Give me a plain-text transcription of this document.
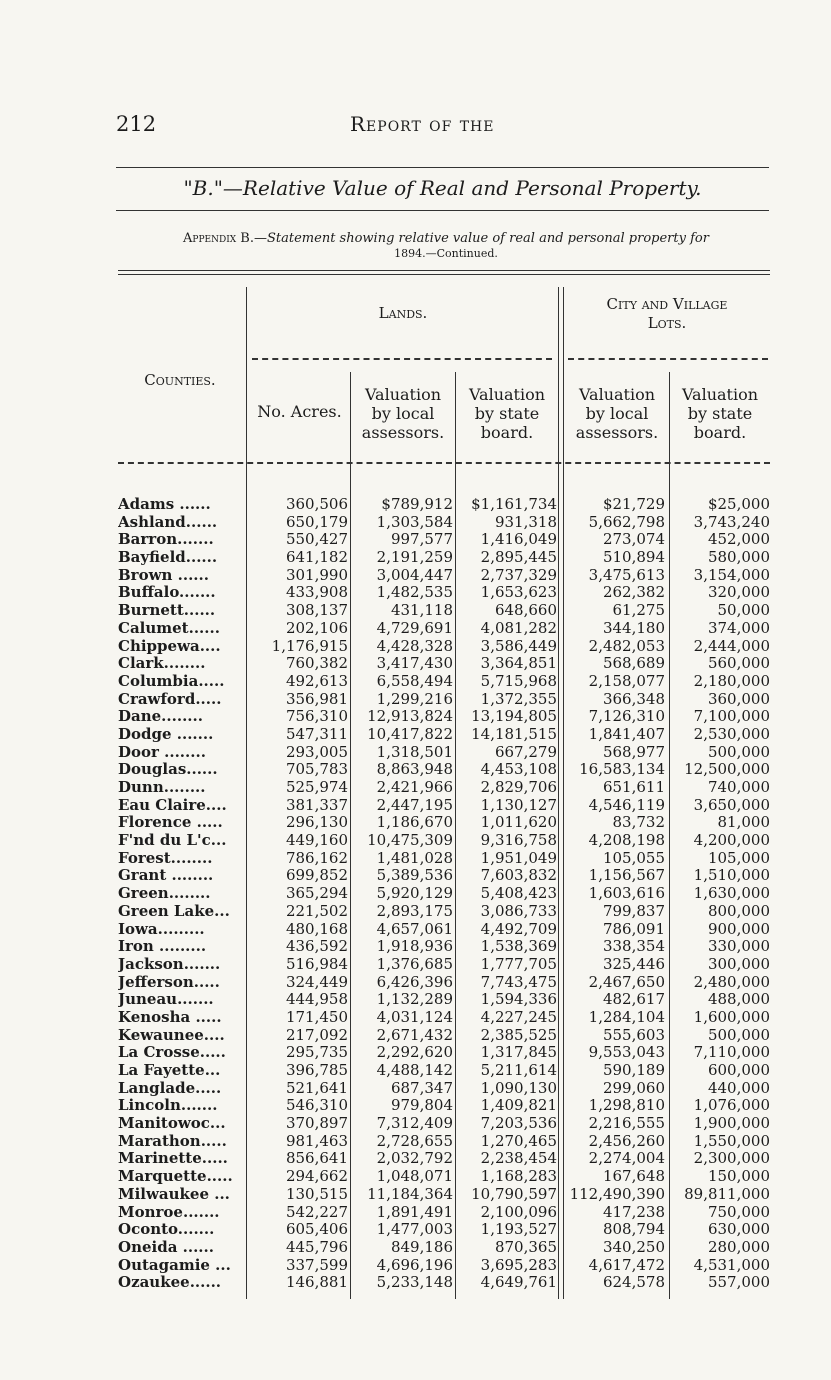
212	Report of the
"B."—Relative Value of Real and Personal Property.
Appendix B.—Statement showing relative value of real and personal property for
1894.—Continued.
Lands.	City and Village
Lots.
Counties.
No. Acres.
Valuation by local assessors.
Valuation by state board.
Valuation by local assessors.
Valuation by state board.
Adams ......	360,506 $789,912 $1,161,734	$21,729	$25,000
Ashland......	650,179 1,303,584	931,318 5,662,798 3,743,240
Barron.......	550,427	997,577 1,416,049	273,074	452,000
Bayfield......	641,182 2,191,259 2,895,445	510,894	580,000
Brown ......	301,990 3,004,447 2,737,329 3,475,613 3,154,000
Buffalo.......	433,908 1,482,535 1,653,623	262,382	320,000
Burnett......	308,137	431,118	648,660	61,275	50,000
Calumet......	202,106 4,729,691 4,081,282	344,180	374,000
Chippewa....	1,176,915 4,428,328 3,586,449 2,482,053 2,444,000
Clark........	760,382 3,417,430 3,364,851	568,689	560,000
Columbia.....	492,613 6,558,494 5,715,968 2,158,077 2,180,000
Crawford.....	356,981 1,299,216 1,372,355	366,348	360,000
Dane........	756,310 12,913,824 13,194,805 7,126,310 7,100,000
Dodge .......	547,311 10,417,822 14,181,515 1,841,407 2,530,000
Door ........	293,005 1,318,501	667,279	568,977	500,000
Douglas......	705,783 8,863,948 4,453,108 16,583,134 12,500,000
Dunn........	525,974 2,421,966 2,829,706	651,611	740,000
Eau Claire....	381,337 2,447,195 1,130,127 4,546,119 3,650,000
Florence .....	296,130 1,186,670 1,011,620	83,732	81,000
F'nd du L'c...	449,160 10,475,309 9,316,758 4,208,198 4,200,000
Forest........	786,162 1,481,028 1,951,049	105,055	105,000
Grant ........	699,852 5,389,536 7,603,832 1,156,567 1,510,000
Green........	365,294 5,920,129 5,408,423 1,603,616 1,630,000
Green Lake...	221,502 2,893,175 3,086,733	799,837	800,000
Iowa.........	480,168 4,657,061 4,492,709	786,091	900,000
Iron .........	436,592 1,918,936 1,538,369	338,354	330,000
Jackson.......	516,984 1,376,685 1,777,705	325,446	300,000
Jefferson.....	324,449 6,426,396 7,743,475 2,467,650 2,480,000
Juneau.......	444,958 1,132,289 1,594,336	482,617	488,000
Kenosha .....	171,450 4,031,124 4,227,245 1,284,104 1,600,000
Kewaunee....	217,092 2,671,432 2,385,525	555,603	500,000
La Crosse.....	295,735 2,292,620 1,317,845 9,553,043 7,110,000
La Fayette...	396,785 4,488,142 5,211,614	590,189	600,000
Langlade.....	521,641	687,347 1,090,130	299,060	440,000
Lincoln.......	546,310	979,804 1,409,821 1,298,810 1,076,000
Manitowoc...	370,897 7,312,409 7,203,536 2,216,555 1,900,000
Marathon.....	981,463 2,728,655 1,270,465 2,456,260 1,550,000
Marinette.....	856,641 2,032,792 2,238,454 2,274,004 2,300,000
Marquette.....	294,662 1,048,071 1,168,283	167,648	150,000
Milwaukee ...	130,515 11,184,364 10,790,597 112,490,390 89,811,000
Monroe.......	542,227 1,891,491 2,100,096	417,238	750,000
Oconto.......	605,406 1,477,003 1,193,527	808,794	630,000
Oneida ......	445,796	849,186	870,365	340,250	280,000
Outagamie ...	337,599 4,696,196 3,695,283 4,617,472 4,531,000
Ozaukee......	146,881 5,233,148 4,649,761	624,578	557,000
